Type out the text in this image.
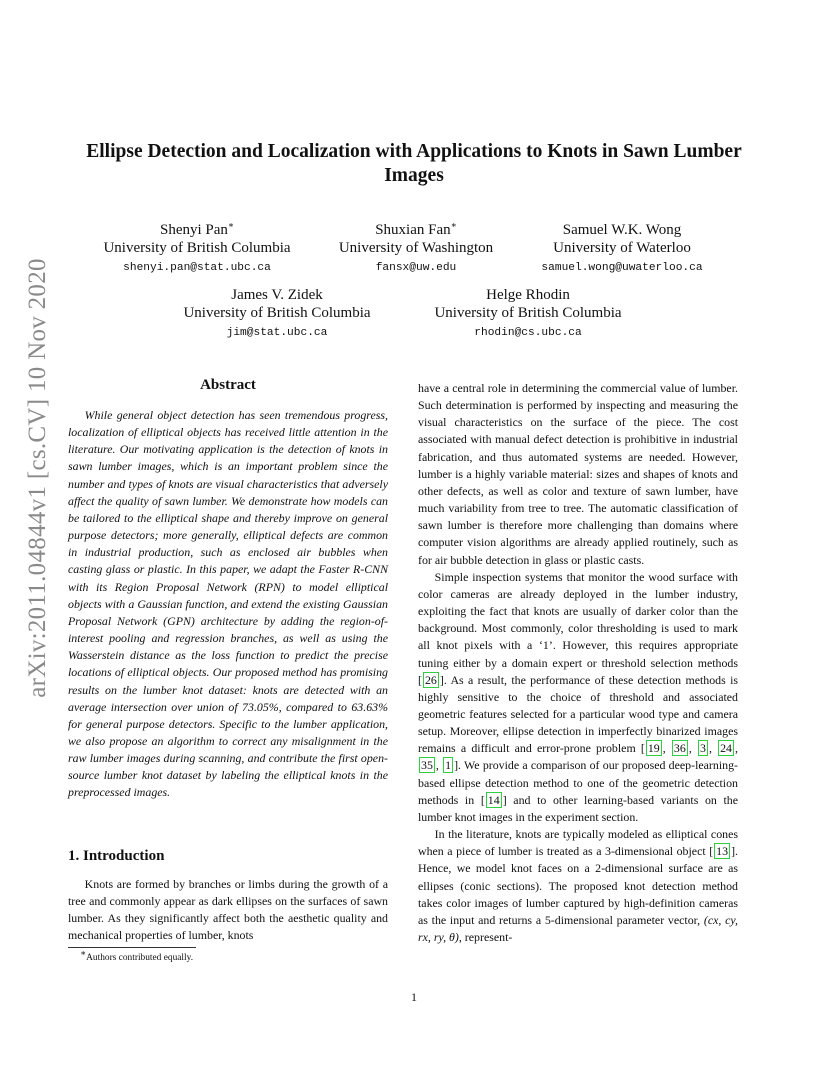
arXiv:2011.04844v1 [cs.CV] 10 Nov 2020
Ellipse Detection and Localization with Applications to Knots in Sawn Lumber Images
Shenyi Pan∗
University of British Columbia
shenyi.pan@stat.ubc.ca
Shuxian Fan∗
University of Washington
fansx@uw.edu
Samuel W.K. Wong
University of Waterloo
samuel.wong@uwaterloo.ca
James V. Zidek
University of British Columbia
jim@stat.ubc.ca
Helge Rhodin
University of British Columbia
rhodin@cs.ubc.ca
Abstract

While general object detection has seen tremendous progress, localization of elliptical objects has received little attention in the literature. Our motivating application is the detection of knots in sawn lumber images, which is an important problem since the number and types of knots are visual characteristics that adversely affect the quality of sawn lumber. We demonstrate how models can be tailored to the elliptical shape and thereby improve on general purpose detectors; more generally, elliptical defects are common in industrial production, such as enclosed air bubbles when casting glass or plastic. In this paper, we adapt the Faster R-CNN with its Region Proposal Network (RPN) to model elliptical objects with a Gaussian function, and extend the existing Gaussian Proposal Network (GPN) architecture by adding the region-of-interest pooling and regression branches, as well as using the Wasserstein distance as the loss function to predict the precise locations of elliptical objects. Our proposed method has promising results on the lumber knot dataset: knots are detected with an average intersection over union of 73.05%, compared to 63.63% for general purpose detectors. Specific to the lumber application, we also propose an algorithm to correct any misalignment in the raw lumber images during scanning, and contribute the first open-source lumber knot dataset by labeling the elliptical knots in the preprocessed images.

1. Introduction

Knots are formed by branches or limbs during the growth of a tree and commonly appear as dark ellipses on the surfaces of sawn lumber. As they significantly affect both the aesthetic quality and mechanical properties of lumber, knots

have a central role in determining the commercial value of lumber. Such determination is performed by inspecting and measuring the visual characteristics on the surface of the piece. The cost associated with manual defect detection is prohibitive in industrial fabrication, and thus automated systems are needed. However, lumber is a highly variable material: sizes and shapes of knots and other defects, as well as color and texture of sawn lumber, have much variability from tree to tree. The automatic classification of sawn lumber is therefore more challenging than domains where computer vision algorithms are already applied routinely, such as for air bubble detection in glass or plastic casts.

Simple inspection systems that monitor the wood surface with color cameras are already deployed in the lumber industry, exploiting the fact that knots are usually of darker color than the background. Most commonly, color thresholding is used to mark all knot pixels with a ‘1’. However, this requires appropriate tuning either by a domain expert or threshold selection methods [ 26 ]. As a result, the performance of these detection methods is highly sensitive to the choice of threshold and associated geometric features selected for a particular wood type and camera setup. Moreover, ellipse detection in imperfectly binarized images remains a difficult and error-prone problem [ 19 , 36 , 3 , 24 , 35 , 1 ]. We provide a comparison of our proposed deep-learning-based ellipse detection method to one of the geometric detection methods in [ 14 ] and to other learning-based variants on the lumber knot images in the experiment section.

In the literature, knots are typically modeled as elliptical cones when a piece of lumber is treated as a 3-dimensional object [ 13 ]. Hence, we model knot faces on a 2-dimensional surface are as ellipses (conic sections). The proposed knot detection method takes color images of lumber captured by high-definition cameras as the input and returns a 5-dimensional parameter vector, (cx, cy, rx, ry, θ), represent-

∗Authors contributed equally.
1
